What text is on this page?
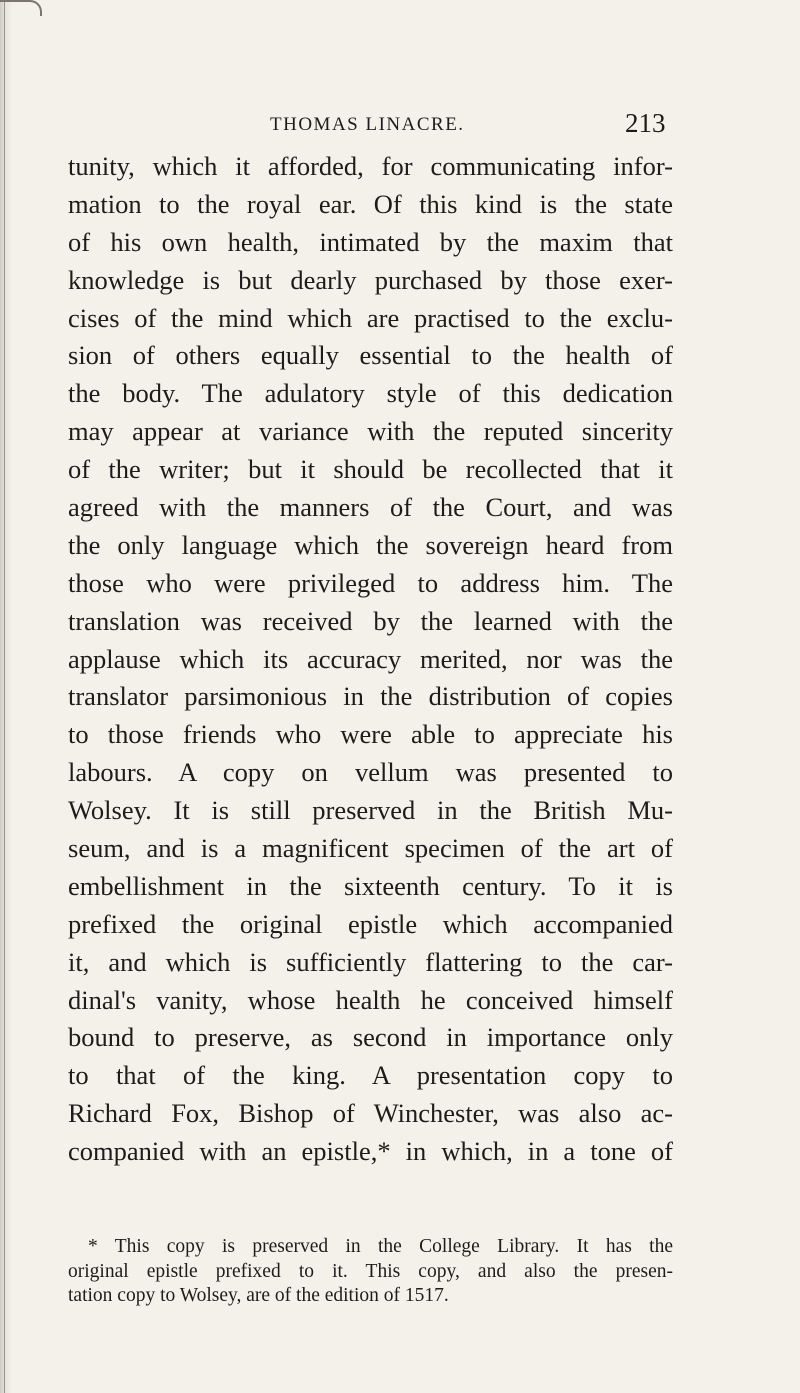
THOMAS LINACRE.	213
tunity, which it afforded, for communicating infor-
mation to the royal ear. Of this kind is the state
of his own health, intimated by the maxim that
knowledge is but dearly purchased by those exer-
cises of the mind which are practised to the exclu-
sion of others equally essential to the health of
the body. The adulatory style of this dedication
may appear at variance with the reputed sincerity
of the writer; but it should be recollected that it
agreed with the manners of the Court, and was
the only language which the sovereign heard from
those who were privileged to address him. The
translation was received by the learned with the
applause which its accuracy merited, nor was the
translator parsimonious in the distribution of copies
to those friends who were able to appreciate his
labours. A copy on vellum was presented to
Wolsey. It is still preserved in the British Mu-
seum, and is a magnificent specimen of the art of
embellishment in the sixteenth century. To it is
prefixed the original epistle which accompanied
it, and which is sufficiently flattering to the car-
dinal's vanity, whose health he conceived himself
bound to preserve, as second in importance only
to that of the king. A presentation copy to
Richard Fox, Bishop of Winchester, was also ac-
companied with an epistle,* in which, in a tone of
* This copy is preserved in the College Library. It has the
original epistle prefixed to it. This copy, and also the presen-
tation copy to Wolsey, are of the edition of 1517.
